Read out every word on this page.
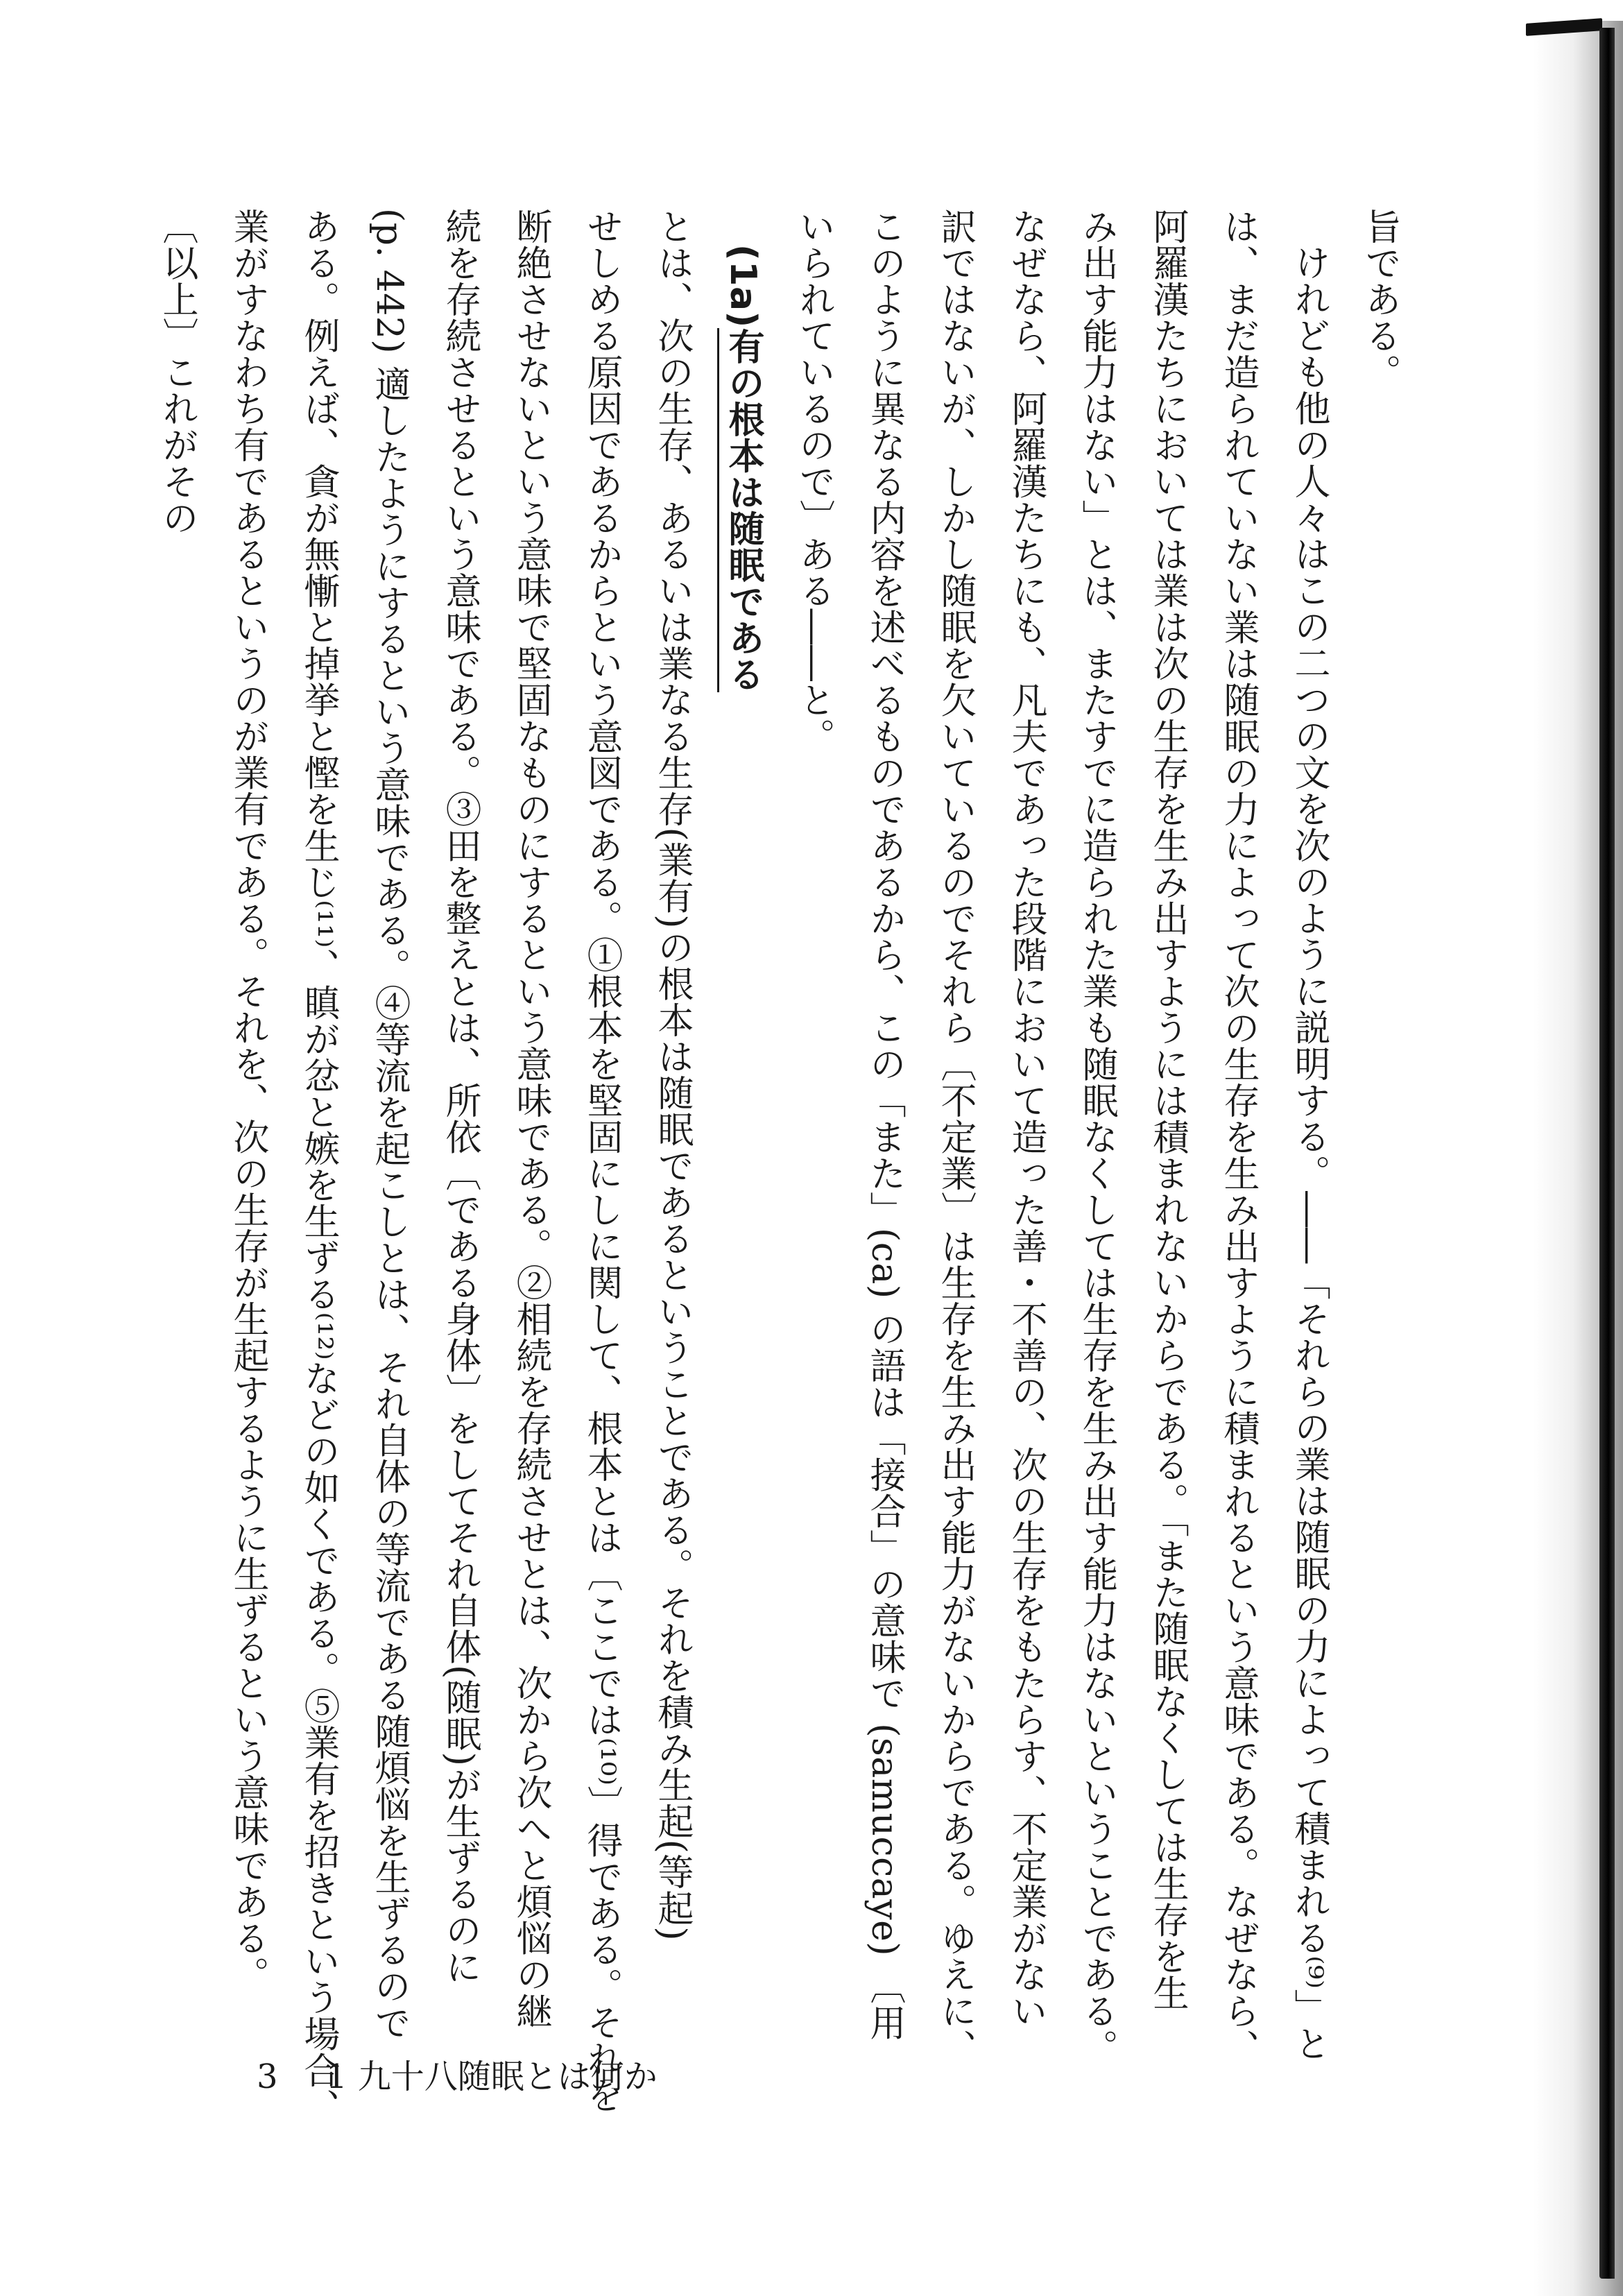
旨である。
けれども他の人々はこの二つの文を次のように説明する。――「それらの業は随眠の力によって積まれる⁽⁹⁾」と
は、まだ造られていない業は随眠の力によって次の生存を生み出すように積まれるという意味である。なぜなら、
阿羅漢たちにおいては業は次の生存を生み出すようには積まれないからである。「また随眠なくしては生存を生
み出す能力はない」とは、またすでに造られた業も随眠なくしては生存を生み出す能力はないということである。
なぜなら、阿羅漢たちにも、凡夫であった段階において造った善・不善の、次の生存をもたらす、不定業がない
訳ではないが、しかし随眠を欠いているのでそれら〔不定業〕は生存を生み出す能力がないからである。ゆえに、
このように異なる内容を述べるものであるから、この「また」(ca) の語は「接合」の意味で (samuccaye) 〔用
いられているので〕ある――と。
(1a)有の根本は随眠である
とは、次の生存、あるいは業なる生存(業有)の根本は随眠であるということである。それを積み生起(等起)
せしめる原因であるからという意図である。①根本を堅固にしに関して、根本とは〔ここでは⁽¹⁰⁾〕得である。それを
断絶させないという意味で堅固なものにするという意味である。②相続を存続させとは、次から次へと煩悩の継
続を存続させるという意味である。③田を整えとは、所依〔である身体〕をしてそれ自体(随眠)が生ずるのに
(p. 442) 適したようにするという意味である。④等流を起こしとは、それ自体の等流である随煩悩を生ずるので
ある。例えば、貪が無慚と掉挙と慳を生じ⁽¹¹⁾、瞋が忿と嫉を生ずる⁽¹²⁾などの如くである。⑤業有を招きという場合、
業がすなわち有であるというのが業有である。それを、次の生存が生起するように生ずるという意味である。
〔以上〕これがその
3 1 九十八随眠とは何か
